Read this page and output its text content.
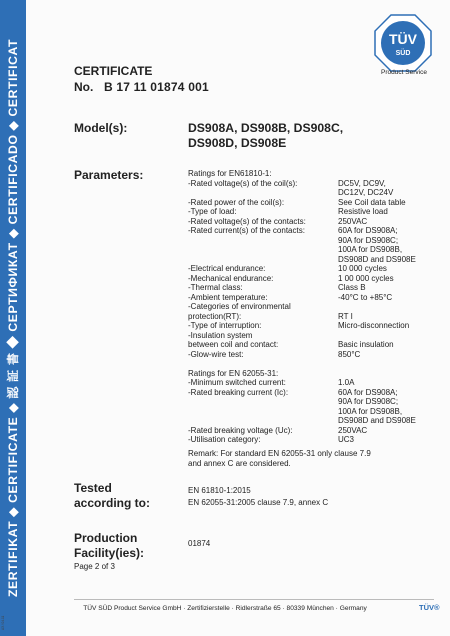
ZERTIFIKAT ◆ CERTIFICATE ◆ 認 証 書 ◆ СЕРТИФИКАТ ◆ CERTIFICADO ◆ CERTIFICAT
A3 / 04.11
TÜV
SÜD
Product Service
CERTIFICATE
No. B 17 11 01874 001
Model(s):	DS908A, DS908B, DS908C,
DS908D, DS908E
Parameters:	Ratings for EN61810-1:
-Rated voltage(s) of the coil(s):	DC5V, DC9V,
DC12V, DC24V
-Rated power of the coil(s):	See Coil data table
-Type of load:	Resistive load
-Rated voltage(s) of the contacts:	250VAC
-Rated current(s) of the contacts:	60A for DS908A;
90A for DS908C;
100A for DS908B,
DS908D and DS908E
-Electrical endurance:	10 000 cycles
-Mechanical endurance:	1 00 000 cycles
-Thermal class:	Class B
-Ambient temperature:	-40°C to +85°C
-Categories of environmental
protection(RT):	RT I
-Type of interruption:	Micro-disconnection
-Insulation system
between coil and contact:	Basic insulation
-Glow-wire test:	850°C
Ratings for EN 62055-31:
-Minimum switched current:	1.0A
-Rated breaking current (Ic):	60A for DS908A;
90A for DS908C;
100A for DS908B,
DS908D and DS908E
-Rated breaking voltage (Uc):	250VAC
-Utilisation category:	UC3
Remark: For standard EN 62055-31 only clause 7.9
and annex C are considered.
Tested
according to:
EN 61810-1:2015
EN 62055-31:2005 clause 7.9, annex C
Production
Facility(ies):
01874
Page 2 of 3
TÜV SÜD Product Service GmbH · Zertifizierstelle · Ridlerstraße 65 · 80339 München · Germany	TÜV®
